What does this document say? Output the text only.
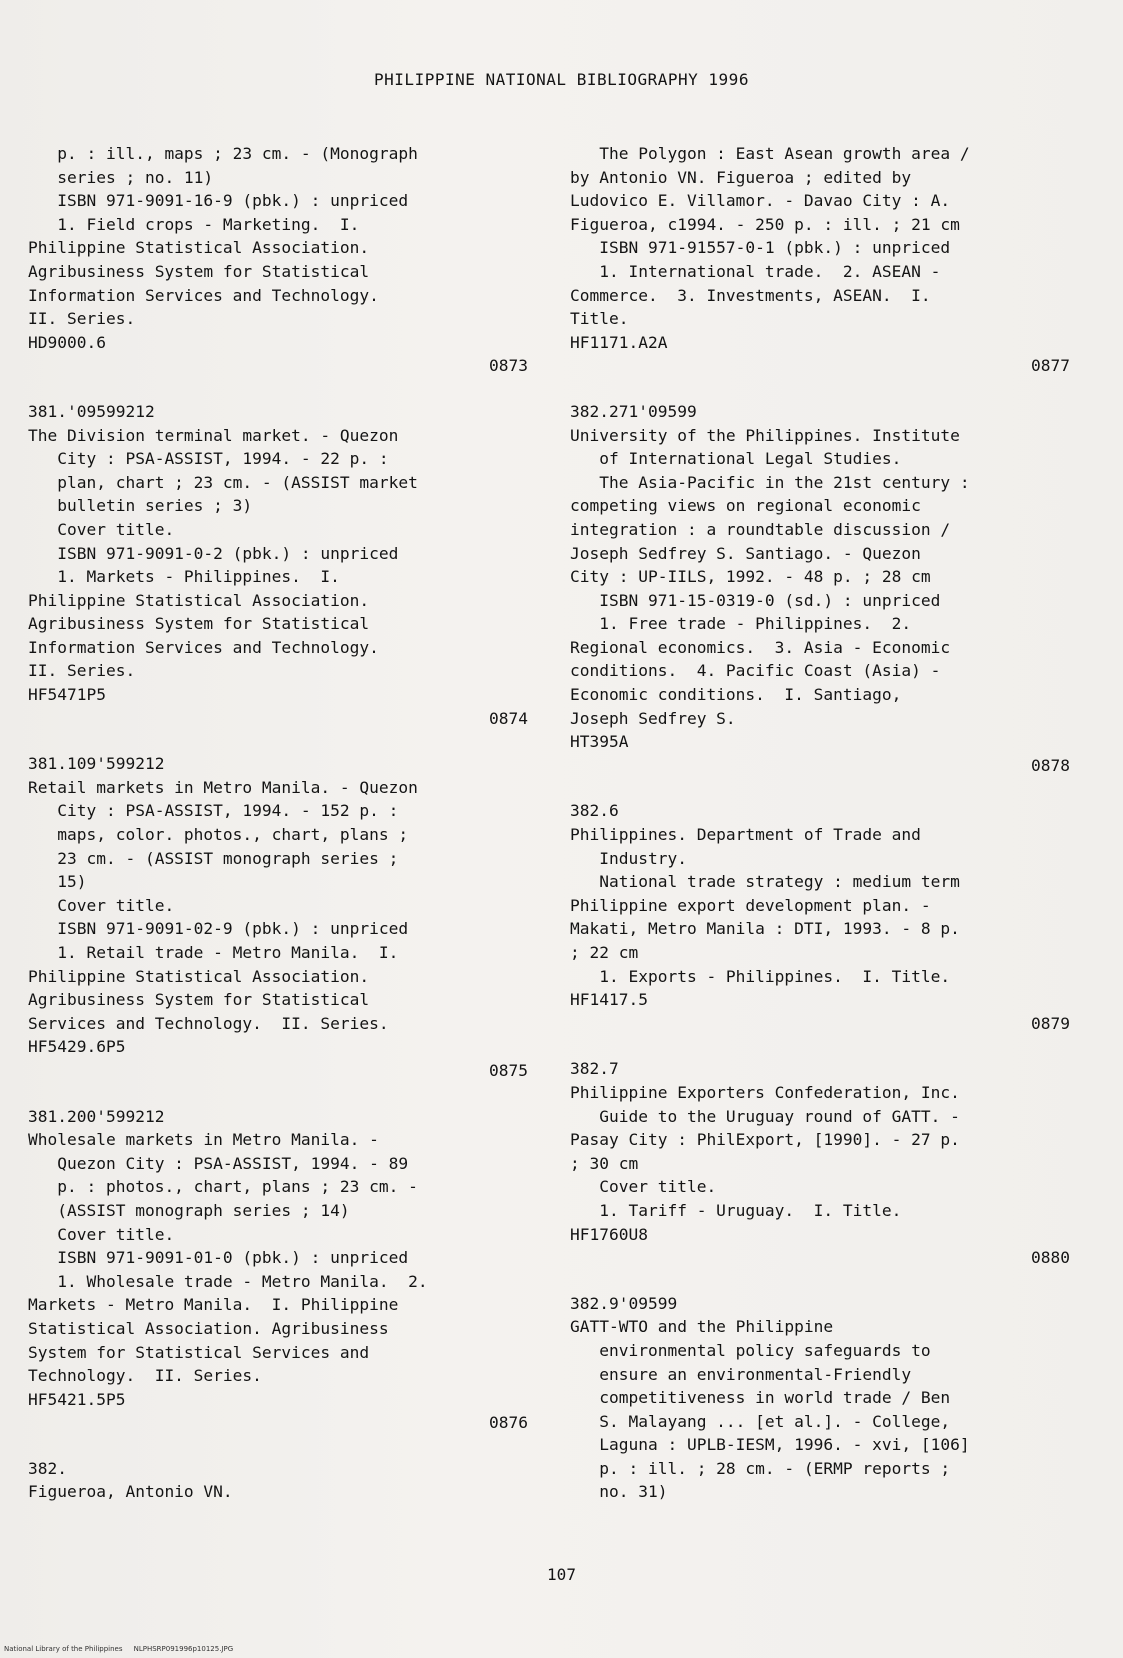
PHILIPPINE NATIONAL BIBLIOGRAPHY 1996
p. : ill., maps ; 23 cm. - (Monograph
series ; no. 11)
ISBN 971-9091-16-9 (pbk.) : unpriced
1. Field crops - Marketing.  I.
Philippine Statistical Association.
Agribusiness System for Statistical
Information Services and Technology.
II. Series.
HD9000.6
0873
381.'09599212
The Division terminal market. - Quezon
City : PSA-ASSIST, 1994. - 22 p. :
plan, chart ; 23 cm. - (ASSIST market
bulletin series ; 3)
Cover title.
ISBN 971-9091-0-2 (pbk.) : unpriced
1. Markets - Philippines.  I.
Philippine Statistical Association.
Agribusiness System for Statistical
Information Services and Technology.
II. Series.
HF5471P5
0874
381.109'599212
Retail markets in Metro Manila. - Quezon
City : PSA-ASSIST, 1994. - 152 p. :
maps, color. photos., chart, plans ;
23 cm. - (ASSIST monograph series ;
15)
Cover title.
ISBN 971-9091-02-9 (pbk.) : unpriced
1. Retail trade - Metro Manila.  I.
Philippine Statistical Association.
Agribusiness System for Statistical
Services and Technology.  II. Series.
HF5429.6P5
0875
381.200'599212
Wholesale markets in Metro Manila. -
Quezon City : PSA-ASSIST, 1994. - 89
p. : photos., chart, plans ; 23 cm. -
(ASSIST monograph series ; 14)
Cover title.
ISBN 971-9091-01-0 (pbk.) : unpriced
1. Wholesale trade - Metro Manila.  2.
Markets - Metro Manila.  I. Philippine
Statistical Association. Agribusiness
System for Statistical Services and
Technology.  II. Series.
HF5421.5P5
0876
382.
Figueroa, Antonio VN.
The Polygon : East Asean growth area /
by Antonio VN. Figueroa ; edited by
Ludovico E. Villamor. - Davao City : A.
Figueroa, c1994. - 250 p. : ill. ; 21 cm
ISBN 971-91557-0-1 (pbk.) : unpriced
1. International trade.  2. ASEAN -
Commerce.  3. Investments, ASEAN.  I.
Title.
HF1171.A2A
0877
382.271'09599
University of the Philippines. Institute
of International Legal Studies.
The Asia-Pacific in the 21st century :
competing views on regional economic
integration : a roundtable discussion /
Joseph Sedfrey S. Santiago. - Quezon
City : UP-IILS, 1992. - 48 p. ; 28 cm
ISBN 971-15-0319-0 (sd.) : unpriced
1. Free trade - Philippines.  2.
Regional economics.  3. Asia - Economic
conditions.  4. Pacific Coast (Asia) -
Economic conditions.  I. Santiago,
Joseph Sedfrey S.
HT395A
0878
382.6
Philippines. Department of Trade and
Industry.
National trade strategy : medium term
Philippine export development plan. -
Makati, Metro Manila : DTI, 1993. - 8 p.
; 22 cm
1. Exports - Philippines.  I. Title.
HF1417.5
0879
382.7
Philippine Exporters Confederation, Inc.
Guide to the Uruguay round of GATT. -
Pasay City : PhilExport, [1990]. - 27 p.
; 30 cm
Cover title.
1. Tariff - Uruguay.  I. Title.
HF1760U8
0880
382.9'09599
GATT-WTO and the Philippine
environmental policy safeguards to
ensure an environmental-Friendly
competitiveness in world trade / Ben
S. Malayang ... [et al.]. - College,
Laguna : UPLB-IESM, 1996. - xvi, [106]
p. : ill. ; 28 cm. - (ERMP reports ;
no. 31)
107
National Library of the Philippines     NLPHSRP091996p10125.JPG
